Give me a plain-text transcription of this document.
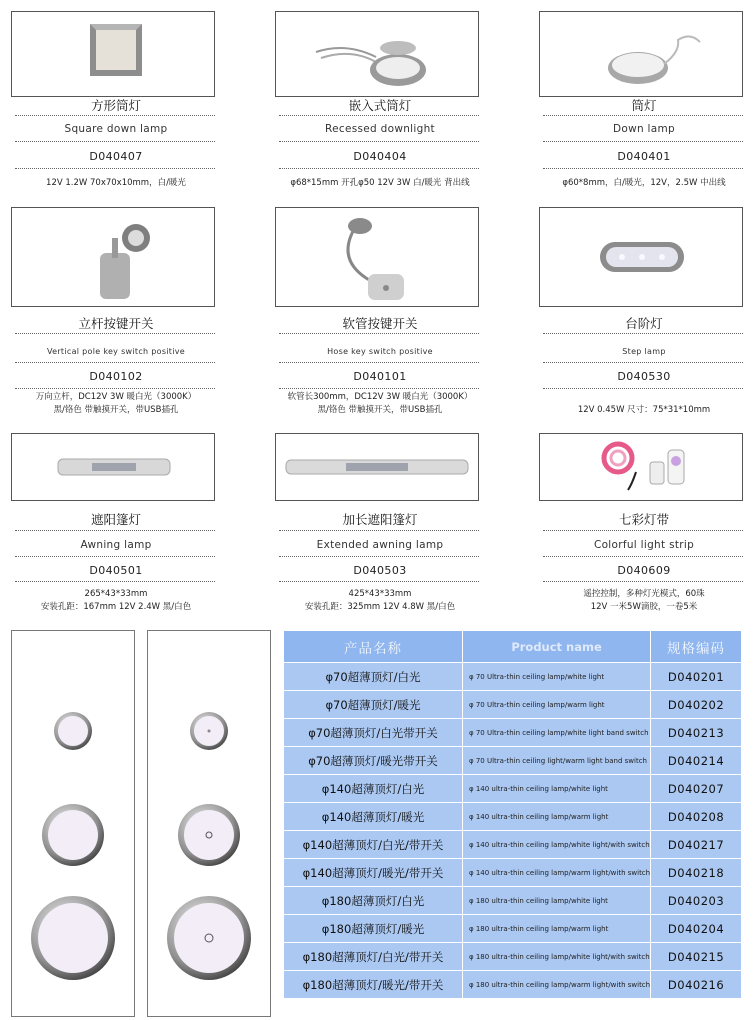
方形筒灯
Square down lamp
D040407
12V 1.2W 70x70x10mm，白/暖光
嵌入式筒灯
Recessed downlight
D040404
φ68*15mm 开孔φ50 12V 3W 白/暖光 背出线
筒灯
Down lamp
D040401
φ60*8mm，白/暖光，12V，2.5W 中出线
立杆按键开关
Vertical pole key switch positive
D040102
万向立杆，DC12V 3W 暖白光（3000K）
黑/铬色 带触摸开关，带USB插孔
软管按键开关
Hose key switch positive
D040101
软管长300mm，DC12V 3W 暖白光（3000K）
黑/铬色 带触摸开关，带USB插孔
台阶灯
Step lamp
D040530
12V 0.45W 尺寸：75*31*10mm
遮阳篷灯
Awning lamp
D040501
265*43*33mm
安装孔距：167mm 12V 2.4W 黑/白色
加长遮阳篷灯
Extended awning lamp
D040503
425*43*33mm
安装孔距：325mm 12V 4.8W 黑/白色
七彩灯带
Colorful light strip
D040609
遥控控制，多种灯光模式，60珠
12V 一米5W滴胶，一卷5米
产品名称	Product name	规格编码
φ70超薄顶灯/白光	φ 70 Ultra-thin ceiling lamp/white light	D040201
φ70超薄顶灯/暖光	φ 70 Ultra-thin ceiling lamp/warm light	D040202
φ70超薄顶灯/白光带开关	φ 70 Ultra-thin ceiling lamp/white light band switch	D040213
φ70超薄顶灯/暖光带开关	φ 70 Ultra-thin ceiling light/warm light band switch	D040214
φ140超薄顶灯/白光	φ 140 ultra-thin ceiling lamp/white light	D040207
φ140超薄顶灯/暖光	φ 140 ultra-thin ceiling lamp/warm light	D040208
φ140超薄顶灯/白光/带开关	φ 140 ultra-thin ceiling lamp/white light/with switch	D040217
φ140超薄顶灯/暖光/带开关	φ 140 ultra-thin ceiling lamp/warm light/with switch	D040218
φ180超薄顶灯/白光	φ 180 ultra-thin ceiling lamp/white light	D040203
φ180超薄顶灯/暖光	φ 180 ultra-thin ceiling lamp/warm light	D040204
φ180超薄顶灯/白光/带开关	φ 180 ultra-thin ceiling lamp/white light/with switch	D040215
φ180超薄顶灯/暖光/带开关	φ 180 ultra-thin ceiling lamp/warm light/with switch	D040216
